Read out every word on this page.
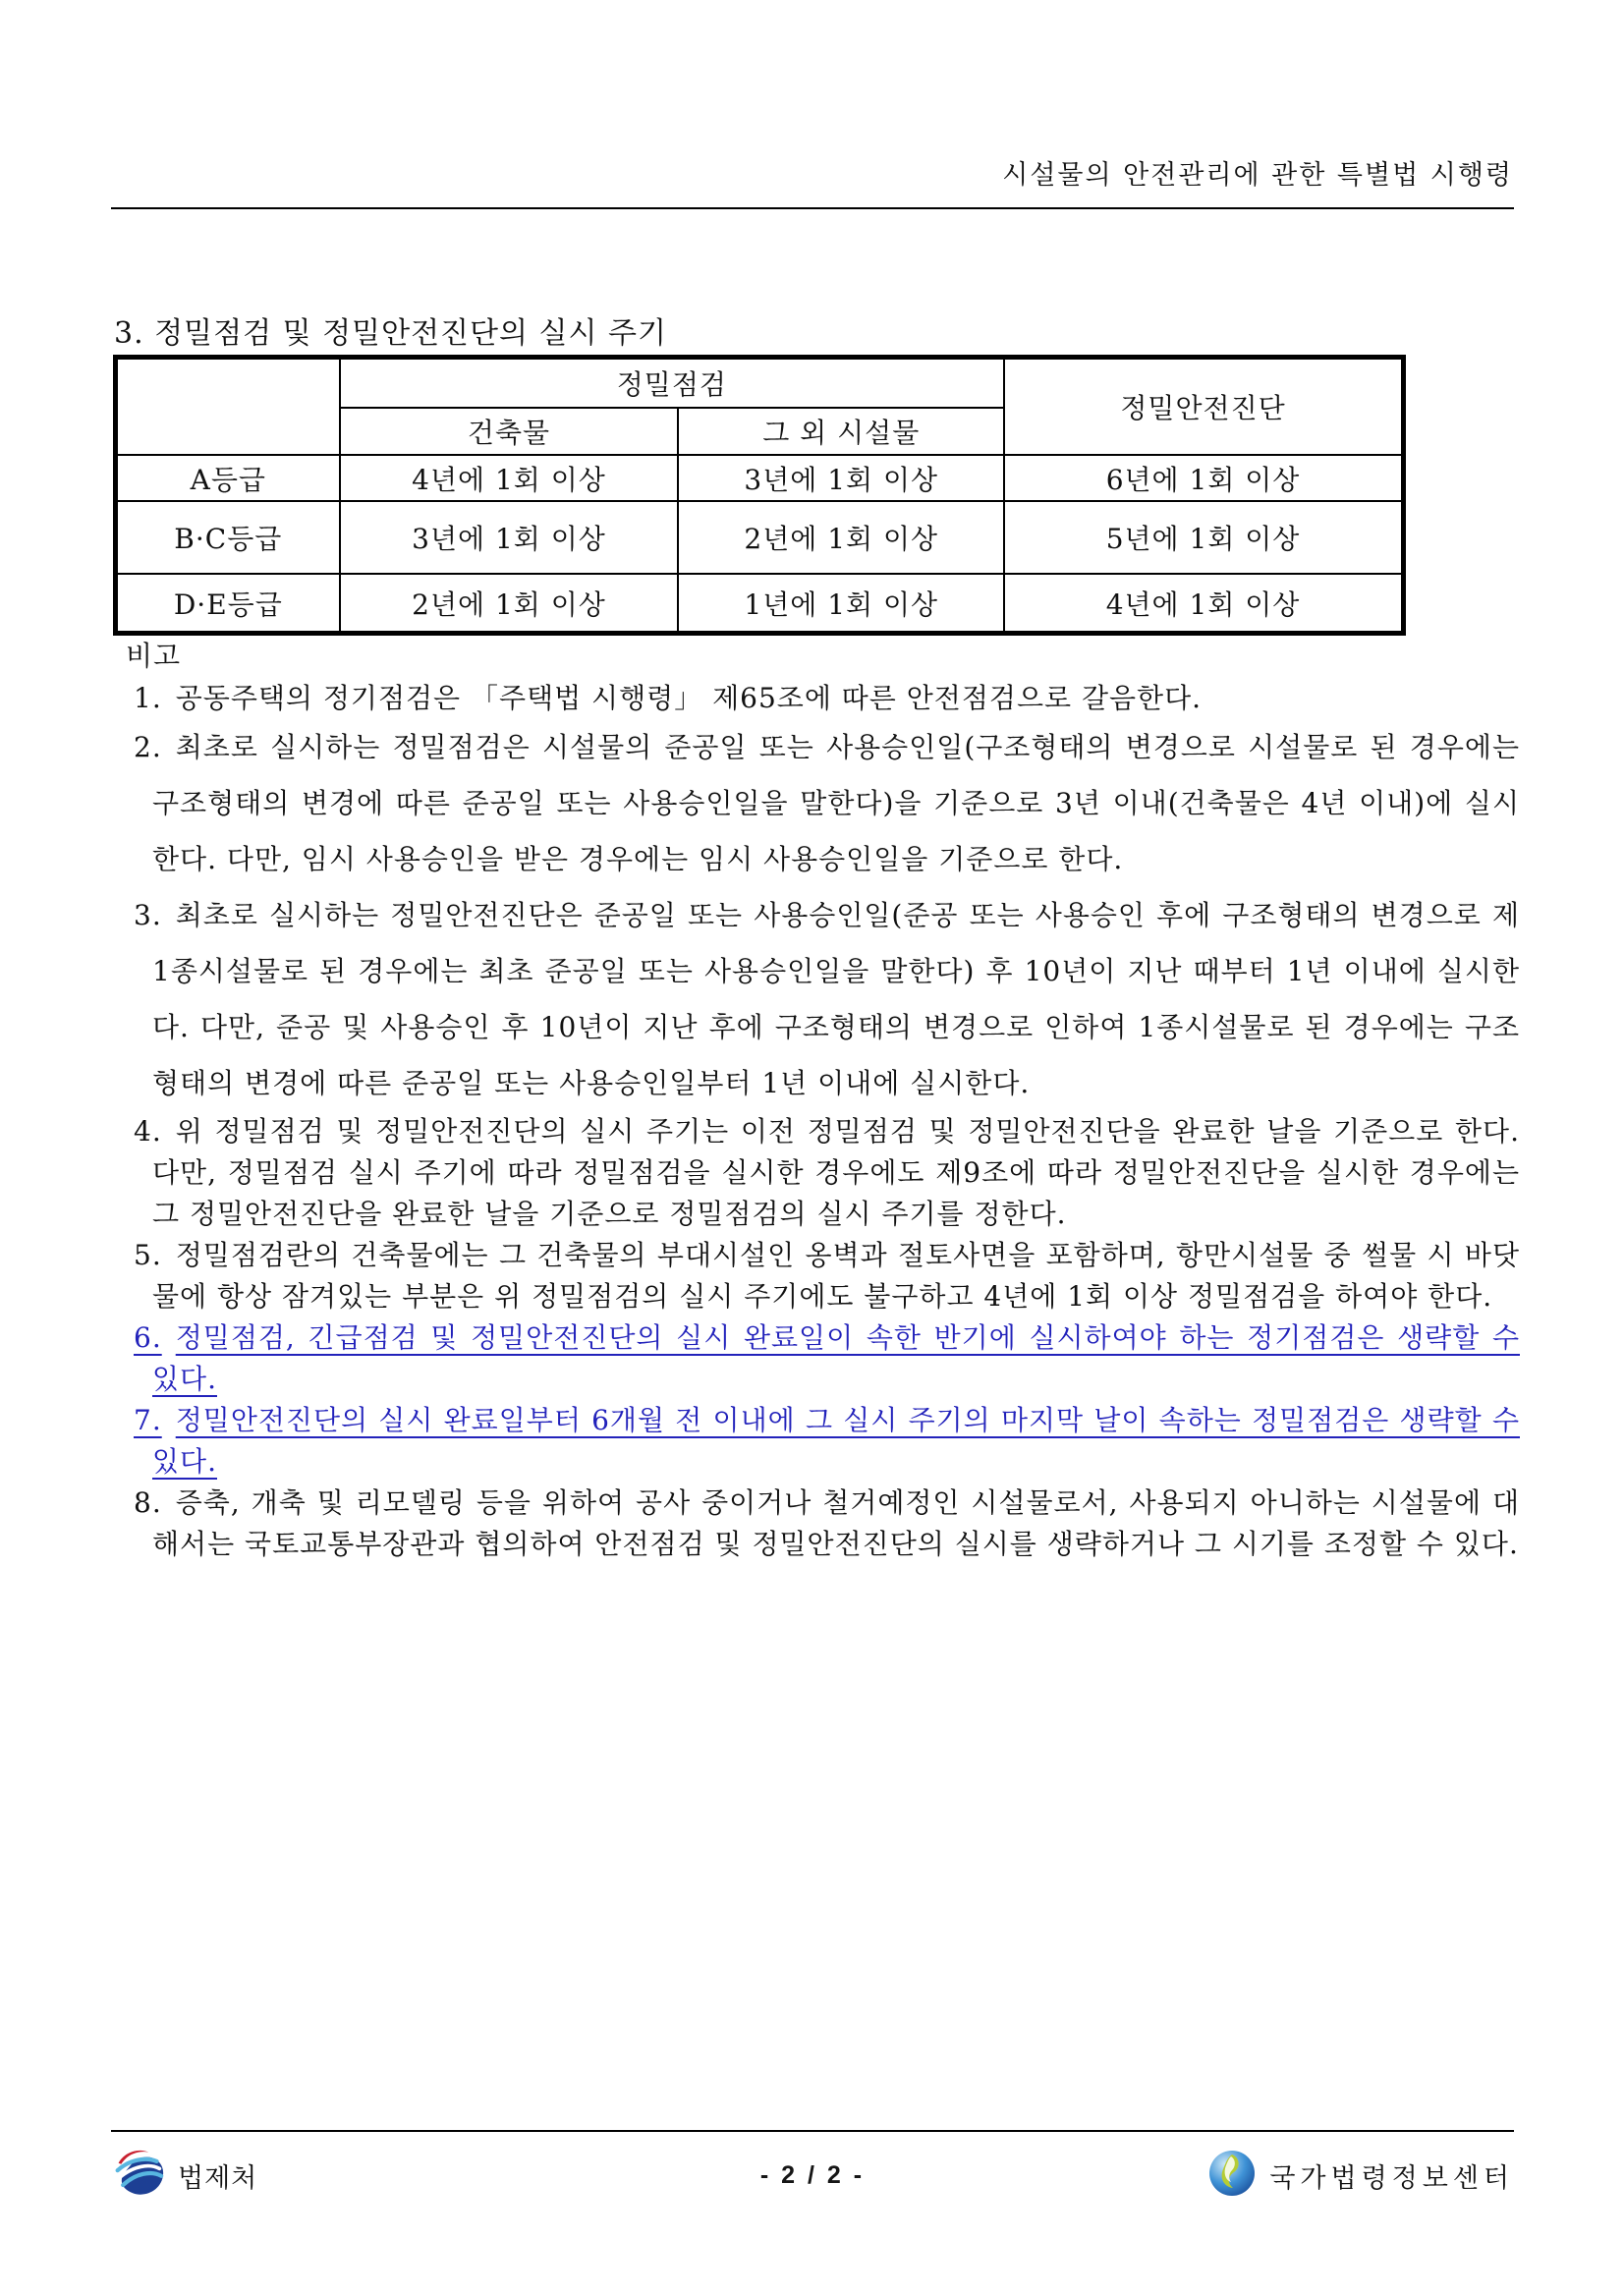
시설물의 안전관리에 관한 특별법 시행령
3. 정밀점검 및 정밀안전진단의 실시 주기
	정밀점검		정밀안전진단
	건축물	그 외 시설물	
A등급	4년에 1회 이상	3년에 1회 이상	6년에 1회 이상
B·C등급	3년에 1회 이상	2년에 1회 이상	5년에 1회 이상
D·E등급	2년에 1회 이상	1년에 1회 이상	4년에 1회 이상
비고

1. 공동주택의 정기점검은 「주택법 시행령」 제65조에 따른 안전점검으로 갈음한다.

2. 최초로 실시하는 정밀점검은 시설물의 준공일 또는 사용승인일(구조형태의 변경으로 시설물로 된 경우에는 구조형태의 변경에 따른 준공일 또는 사용승인일을 말한다)을 기준으로 3년 이내(건축물은 4년 이내)에 실시한다. 다만, 임시 사용승인을 받은 경우에는 임시 사용승인일을 기준으로 한다.

3. 최초로 실시하는 정밀안전진단은 준공일 또는 사용승인일(준공 또는 사용승인 후에 구조형태의 변경으로 제1종시설물로 된 경우에는 최초 준공일 또는 사용승인일을 말한다) 후 10년이 지난 때부터 1년 이내에 실시한다. 다만, 준공 및 사용승인 후 10년이 지난 후에 구조형태의 변경으로 인하여 1종시설물로 된 경우에는 구조형태의 변경에 따른 준공일 또는 사용승인일부터 1년 이내에 실시한다.

4. 위 정밀점검 및 정밀안전진단의 실시 주기는 이전 정밀점검 및 정밀안전진단을 완료한 날을 기준으로 한다. 다만, 정밀점검 실시 주기에 따라 정밀점검을 실시한 경우에도 제9조에 따라 정밀안전진단을 실시한 경우에는 그 정밀안전진단을 완료한 날을 기준으로 정밀점검의 실시 주기를 정한다.

5. 정밀점검란의 건축물에는 그 건축물의 부대시설인 옹벽과 절토사면을 포함하며, 항만시설물 중 썰물 시 바닷물에 항상 잠겨있는 부분은 위 정밀점검의 실시 주기에도 불구하고 4년에 1회 이상 정밀점검을 하여야 한다.

6. 정밀점검, 긴급점검 및 정밀안전진단의 실시 완료일이 속한 반기에 실시하여야 하는 정기점검은 생략할 수 있다.

7. 정밀안전진단의 실시 완료일부터 6개월 전 이내에 그 실시 주기의 마지막 날이 속하는 정밀점검은 생략할 수 있다.

8. 증축, 개축 및 리모델링 등을 위하여 공사 중이거나 철거예정인 시설물로서, 사용되지 아니하는 시설물에 대해서는 국토교통부장관과 협의하여 안전점검 및 정밀안전진단의 실시를 생략하거나 그 시기를 조정할 수 있다.

법제처	- 2 / 2 -	국가법령정보센터
